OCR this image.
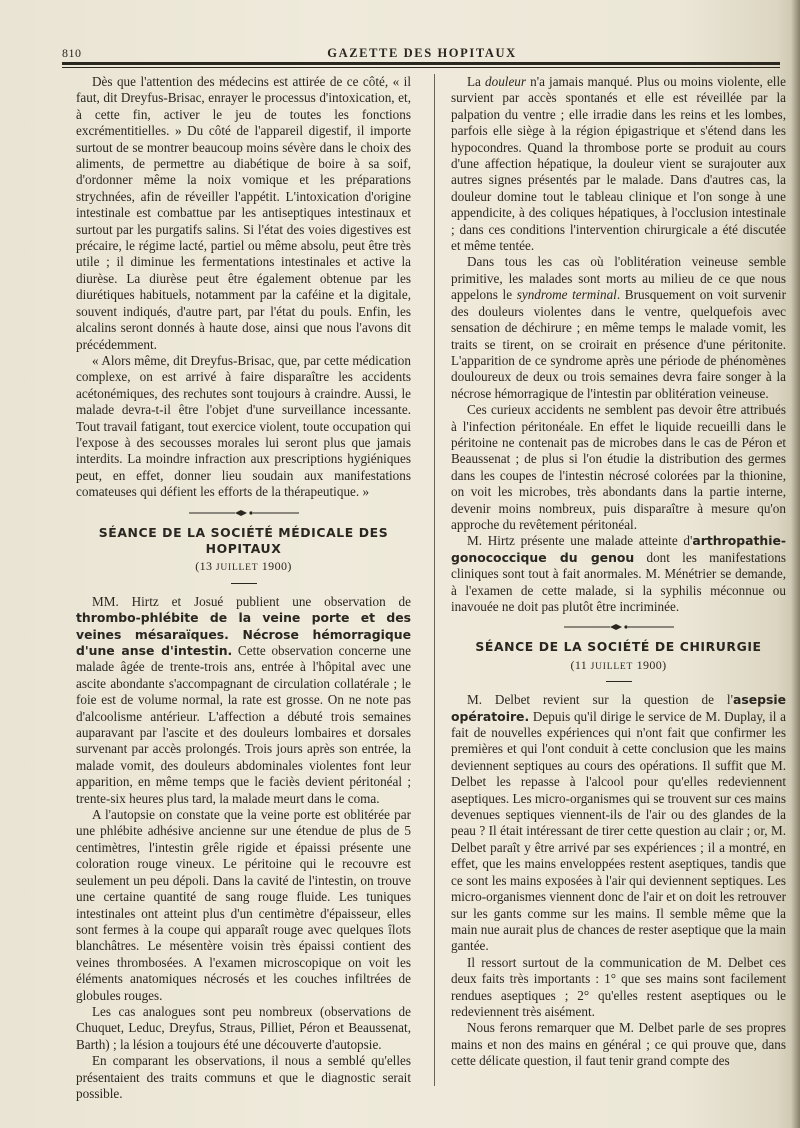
810	GAZETTE DES HOPITAUX

Dès que l'attention des médecins est attirée de ce côté, « il faut, dit Dreyfus-Brisac, enrayer le processus d'intoxication, et, à cette fin, activer le jeu de toutes les fonctions excrémentitielles. » Du côté de l'appareil digestif, il importe surtout de se montrer beaucoup moins sévère dans le choix des aliments, de permettre au diabétique de boire à sa soif, d'ordonner même la noix vomique et les préparations strychnées, afin de réveiller l'appétit. L'intoxication d'origine intestinale est combattue par les antiseptiques intestinaux et surtout par les purgatifs salins. Si l'état des voies digestives est précaire, le régime lacté, partiel ou même absolu, peut être très utile ; il diminue les fermentations intestinales et active la diurèse. La diurèse peut être également obtenue par les diurétiques habituels, notamment par la caféine et la digitale, souvent indiqués, d'autre part, par l'état du pouls. Enfin, les alcalins seront donnés à haute dose, ainsi que nous l'avons dit précédemment.

« Alors même, dit Dreyfus-Brisac, que, par cette médication complexe, on est arrivé à faire disparaître les accidents acétonémiques, des rechutes sont toujours à craindre. Aussi, le malade devra-t-il être l'objet d'une surveillance incessante. Tout travail fatigant, tout exercice violent, toute occupation qui l'expose à des secousses morales lui seront plus que jamais interdits. La moindre infraction aux prescriptions hygiéniques peut, en effet, donner lieu soudain aux manifestations comateuses qui défient les efforts de la thérapeutique. »

SÉANCE DE LA SOCIÉTÉ MÉDICALE DES HOPITAUX
(13 JUILLET 1900)

MM. Hirtz et Josué publient une observation de thrombo-phlébite de la veine porte et des veines mésaraïques. Nécrose hémorragique d'une anse d'intestin. Cette observation concerne une malade âgée de trente-trois ans, entrée à l'hôpital avec une ascite abondante s'accompagnant de circulation collatérale ; le foie est de volume normal, la rate est grosse. On ne note pas d'alcoolisme antérieur. L'affection a débuté trois semaines auparavant par l'ascite et des douleurs lombaires et dorsales survenant par accès prolongés. Trois jours après son entrée, la malade vomit, des douleurs abdominales violentes font leur apparition, en même temps que le faciès devient péritonéal ; trente-six heures plus tard, la malade meurt dans le coma.

A l'autopsie on constate que la veine porte est oblitérée par une phlébite adhésive ancienne sur une étendue de plus de 5 centimètres, l'intestin grêle rigide et épaissi présente une coloration rouge vineux. Le péritoine qui le recouvre est seulement un peu dépoli. Dans la cavité de l'intestin, on trouve une certaine quantité de sang rouge fluide. Les tuniques intestinales ont atteint plus d'un centimètre d'épaisseur, elles sont fermes à la coupe qui apparaît rouge avec quelques îlots blanchâtres. Le mésentère voisin très épaissi contient des veines thrombosées. A l'examen microscopique on voit les éléments anatomiques nécrosés et les couches infiltrées de globules rouges.

Les cas analogues sont peu nombreux (observations de Chuquet, Leduc, Dreyfus, Straus, Pilliet, Péron et Beaussenat, Barth) ; la lésion a toujours été une découverte d'autopsie.

En comparant les observations, il nous a semblé qu'elles présentaient des traits communs et que le diagnostic serait possible.

La douleur n'a jamais manqué. Plus ou moins violente, elle survient par accès spontanés et elle est réveillée par la palpation du ventre ; elle irradie dans les reins et les lombes, parfois elle siège à la région épigastrique et s'étend dans les hypocondres. Quand la thrombose porte se produit au cours d'une affection hépatique, la douleur vient se surajouter aux autres signes présentés par le malade. Dans d'autres cas, la douleur domine tout le tableau clinique et l'on songe à une appendicite, à des coliques hépatiques, à l'occlusion intestinale ; dans ces conditions l'intervention chirurgicale a été discutée et même tentée.

Dans tous les cas où l'oblitération veineuse semble primitive, les malades sont morts au milieu de ce que nous appelons le syndrome terminal. Brusquement on voit survenir des douleurs violentes dans le ventre, quelquefois avec sensation de déchirure ; en même temps le malade vomit, les traits se tirent, on se croirait en présence d'une péritonite. L'apparition de ce syndrome après une période de phénomènes douloureux de deux ou trois semaines devra faire songer à la nécrose hémorragique de l'intestin par oblitération veineuse.

Ces curieux accidents ne semblent pas devoir être attribués à l'infection péritonéale. En effet le liquide recueilli dans le péritoine ne contenait pas de microbes dans le cas de Péron et Beaussenat ; de plus si l'on étudie la distribution des germes dans les coupes de l'intestin nécrosé colorées par la thionine, on voit les microbes, très abondants dans la partie interne, devenir moins nombreux, puis disparaître à mesure qu'on approche du revêtement péritonéal.

M. Hirtz présente une malade atteinte d'arthropathie-gonococcique du genou dont les manifestations cliniques sont tout à fait anormales. M. Ménétrier se demande, à l'examen de cette malade, si la syphilis méconnue ou inavouée ne doit pas plutôt être incriminée.

SÉANCE DE LA SOCIÉTÉ DE CHIRURGIE
(11 JUILLET 1900)

M. Delbet revient sur la question de l'asepsie opératoire. Depuis qu'il dirige le service de M. Duplay, il a fait de nouvelles expériences qui n'ont fait que confirmer les premières et qui l'ont conduit à cette conclusion que les mains deviennent septiques au cours des opérations. Il suffit que M. Delbet les repasse à l'alcool pour qu'elles redeviennent aseptiques. Les micro-organismes qui se trouvent sur ces mains devenues septiques viennent-ils de l'air ou des glandes de la peau ? Il était intéressant de tirer cette question au clair ; or, M. Delbet paraît y être arrivé par ses expériences ; il a montré, en effet, que les mains enveloppées restent aseptiques, tandis que ce sont les mains exposées à l'air qui deviennent septiques. Les micro-organismes viennent donc de l'air et on doit les retrouver sur les gants comme sur les mains. Il semble même que la main nue aurait plus de chances de rester aseptique que la main gantée.

Il ressort surtout de la communication de M. Delbet ces deux faits très importants : 1° que ses mains sont facilement rendues aseptiques ; 2° qu'elles restent aseptiques ou le redeviennent très aisément.

Nous ferons remarquer que M. Delbet parle de ses propres mains et non des mains en général ; ce qui prouve que, dans cette délicate question, il faut tenir grand compte des
